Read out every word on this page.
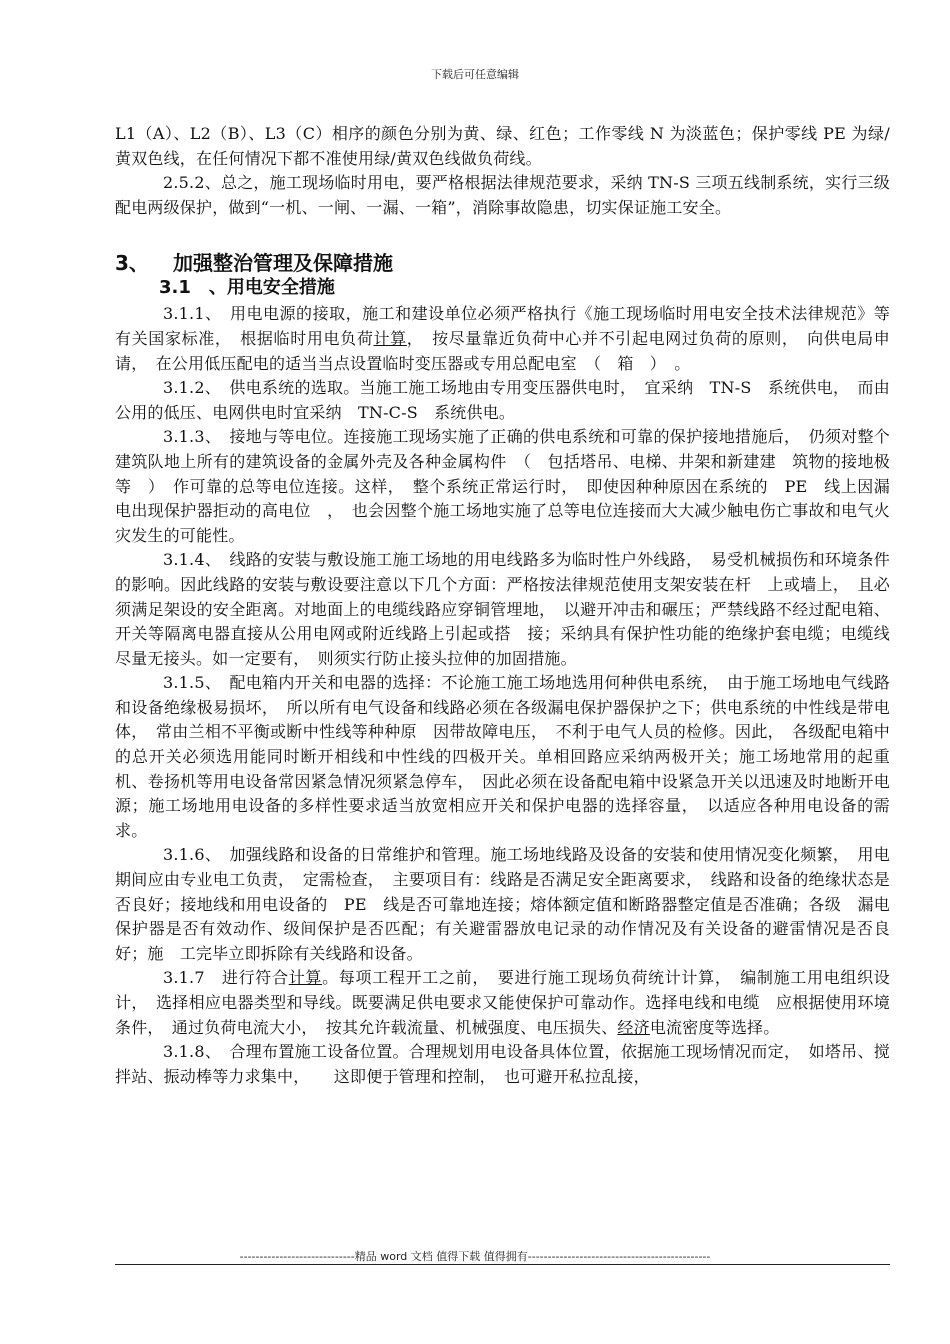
下载后可任意编辑

L1（A）、L2（B）、L3（C）相序的颜色分别为黄、绿、红色；工作零线 N 为淡蓝色；保护零线 PE 为绿/黄双色线，在任何情况下都不准使用绿/黄双色线做负荷线。

2.5.2、总之，施工现场临时用电，要严格根据法律规范要求，采纳 TN-S 三项五线制系统，实行三级配电两级保护，做到“一机、一闸、一漏、一箱”，消除事故隐患，切实保证施工安全。

3、 加强整治管理及保障措施
3.1　、用电安全措施

3.1.1、　用电电源的接取，施工和建设单位必须严格执行《施工现场临时用电安全技术法律规范》等有关国家标准，　根据临时用电负荷计算，　按尽量靠近负荷中心并不引起电网过负荷的原则，　向供电局申请，　在公用低压配电的适当当点设置临时变压器或专用总配电室　（　箱　）　。

3.1.2、　供电系统的选取。当施工施工场地由专用变压器供电时，　宜采纳　TN-S　系统供电，　而由公用的低压、电网供电时宜采纳　TN-C-S　系统供电。

3.1.3、　接地与等电位。连接施工现场实施了正确的供电系统和可靠的保护接地措施后，　仍须对整个建筑队地上所有的建筑设备的金属外壳及各种金属构件　（　包括塔吊、电梯、井架和新建建　筑物的接地极等　）　作可靠的总等电位连接。这样，　整个系统正常运行时，　即使因种种原因在系统的　PE　线上因漏电出现保护器拒动的高电位　，　也会因整个施工场地实施了总等电位连接而大大减少触电伤亡事故和电气火灾发生的可能性。

3.1.4、　线路的安装与敷设施工施工场地的用电线路多为临时性户外线路，　易受机械损伤和环境条件的影响。因此线路的安装与敷设要注意以下几个方面：严格按法律规范使用支架安装在杆　上或墙上，　且必须满足架设的安全距离。对地面上的电缆线路应穿铜管埋地，　以避开冲击和碾压；严禁线路不经过配电箱、开关等隔离电器直接从公用电网或附近线路上引起或搭　接；采纳具有保护性功能的绝缘护套电缆；电缆线尽量无接头。如一定要有，　则须实行防止接头拉伸的加固措施。

3.1.5、　配电箱内开关和电器的选择：不论施工施工场地选用何种供电系统，　由于施工场地电气线路和设备绝缘极易损坏，　所以所有电气设备和线路必须在各级漏电保护器保护之下；供电系统的中性线是带电体，　常由兰相不平衡或断中性线等种种原　因带故障电压，　不利于电气人员的检修。因此，　各级配电箱中的总开关必须选用能同时断开相线和中性线的四极开关。单相回路应采纳两极开关；施工场地常用的起重机、卷扬机等用电设备常因紧急情况须紧急停车，　因此必须在设备配电箱中设紧急开关以迅速及时地断开电源；施工场地用电设备的多样性要求适当放宽相应开关和保护电器的选择容量，　以适应各种用电设备的需求。

3.1.6、　加强线路和设备的日常维护和管理。施工场地线路及设备的安装和使用情况变化频繁，　用电期间应由专业电工负责，　定需检查，　主要项目有：线路是否满足安全距离要求，　线路和设备的绝缘状态是否良好；接地线和用电设备的　PE　线是否可靠地连接；熔体额定值和断路器整定值是否准确；各级　漏电保护器是否有效动作、级间保护是否匹配；有关避雷器放电记录的动作情况及有关设备的避雷情况是否良好；施　工完毕立即拆除有关线路和设备。

3.1.7　进行符合计算。每项工程开工之前，　要进行施工现场负荷统计计算，　编制施工用电组织设计，　选择相应电器类型和导线。既要满足供电要求又能使保护可靠动作。选择电线和电缆　应根据使用环境条件，　通过负荷电流大小，　按其允许载流量、机械强度、电压损失、经济电流密度等选择。

3.1.8、　合理布置施工设备位置。合理规划用电设备具体位置，依据施工现场情况而定，　如塔吊、搅拌站、振动棒等力求集中，　　这即便于管理和控制，　也可避开私拉乱接，

-----------------------------精品 word 文档 值得下载 值得拥有----------------------------------------------
